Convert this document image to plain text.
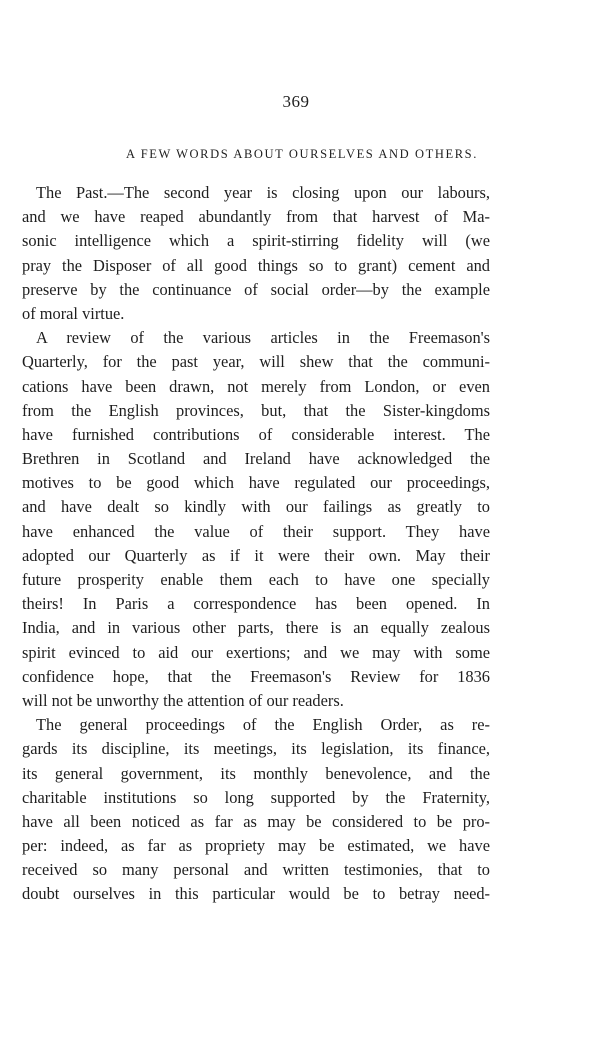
369
A FEW WORDS ABOUT OURSELVES AND OTHERS.
The Past.—The second year is closing upon our labours,
and we have reaped abundantly from that harvest of Ma-
sonic intelligence which a spirit-stirring fidelity will (we
pray the Disposer of all good things so to grant) cement and
preserve by the continuance of social order—by the example
of moral virtue.
A review of the various articles in the Freemason's
Quarterly, for the past year, will shew that the communi-
cations have been drawn, not merely from London, or even
from the English provinces, but, that the Sister-kingdoms
have furnished contributions of considerable interest. The
Brethren in Scotland and Ireland have acknowledged the
motives to be good which have regulated our proceedings,
and have dealt so kindly with our failings as greatly to
have enhanced the value of their support. They have
adopted our Quarterly as if it were their own. May their
future prosperity enable them each to have one specially
theirs! In Paris a correspondence has been opened. In
India, and in various other parts, there is an equally zealous
spirit evinced to aid our exertions; and we may with some
confidence hope, that the Freemason's Review for 1836
will not be unworthy the attention of our readers.
The general proceedings of the English Order, as re-
gards its discipline, its meetings, its legislation, its finance,
its general government, its monthly benevolence, and the
charitable institutions so long supported by the Fraternity,
have all been noticed as far as may be considered to be pro-
per: indeed, as far as propriety may be estimated, we have
received so many personal and written testimonies, that to
doubt ourselves in this particular would be to betray need-
